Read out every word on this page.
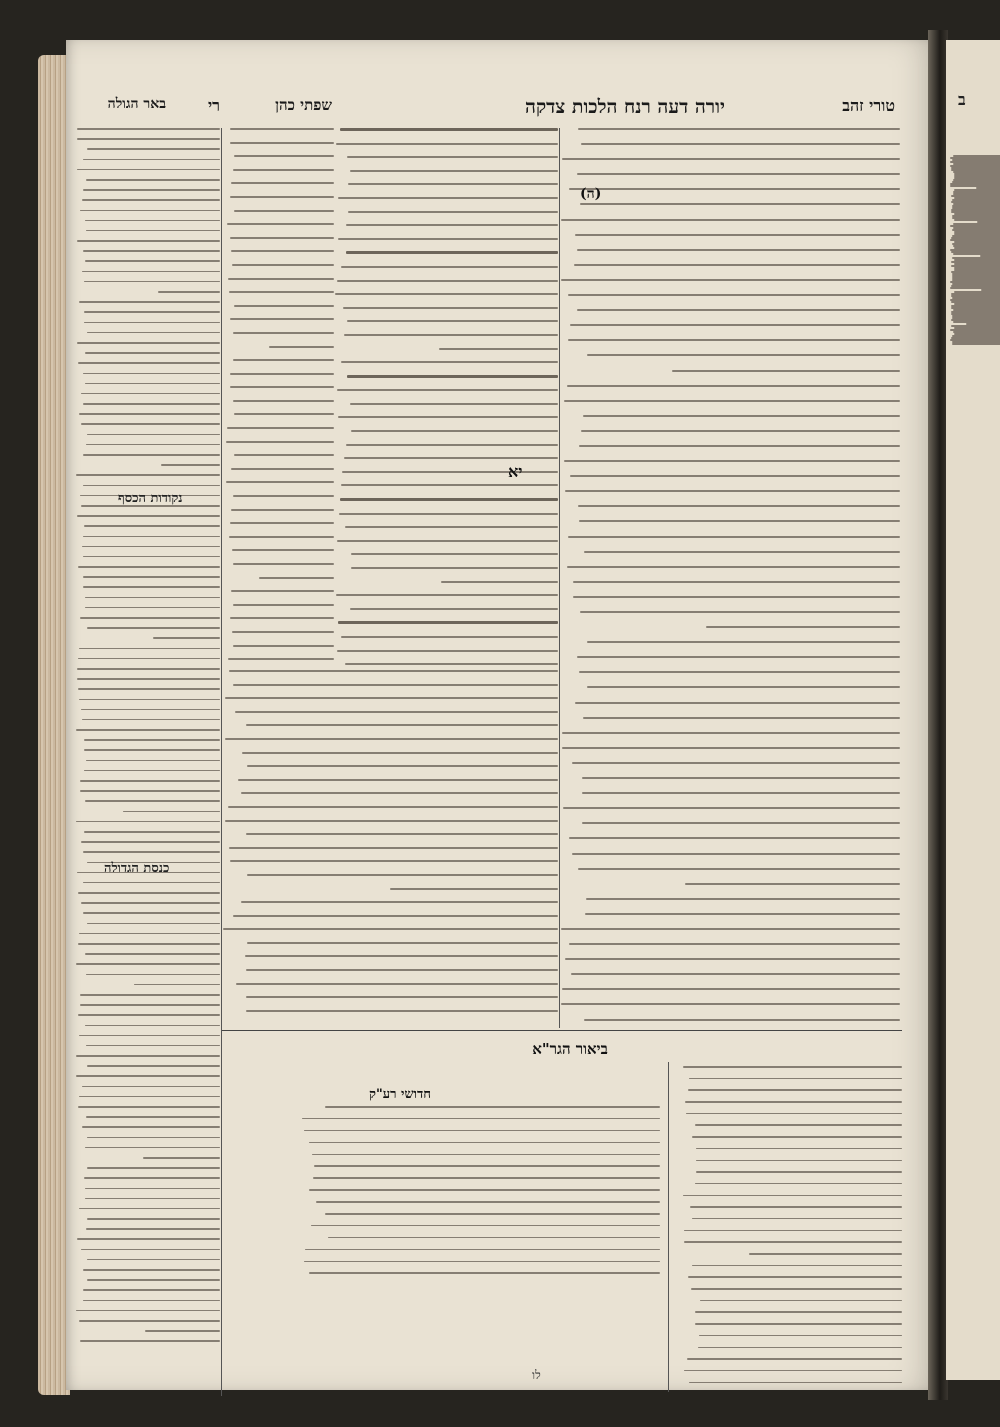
ב
טורי זהב
יורה דעה רנח הלכות צדקה
שפתי כהן
רי
באר הגולה
(ה)
יא
נקודות הכסף
כנסת הגדולה
ביאור הגר"א
חדושי רע"ק
לו
